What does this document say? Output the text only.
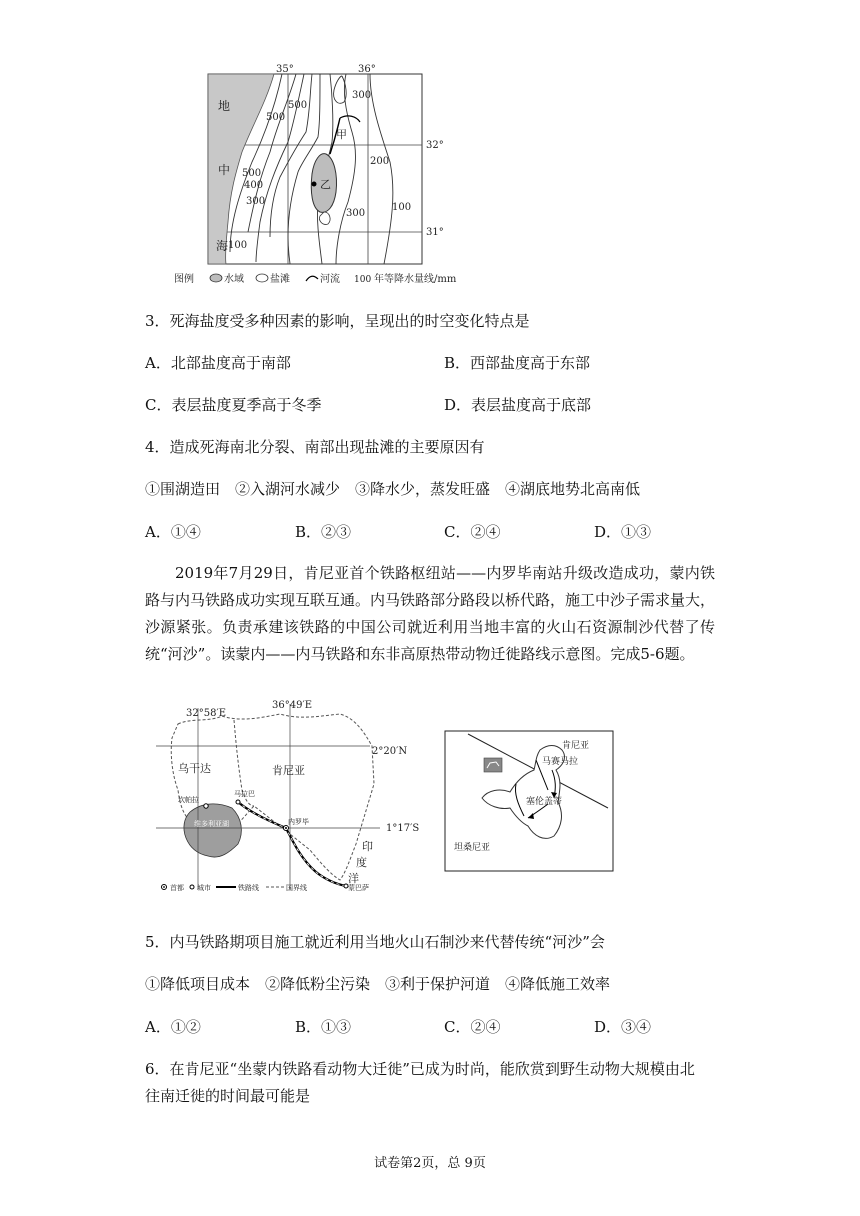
35°	36°
32°
31°
地
中
海
甲
乙
500
300
500
200
500
400
300
300
100
100
图例	水域	盐滩	河流 100 年等降水量线/mm
3．死海盐度受多种因素的影响，呈现出的时空变化特点是
A．北部盐度高于南部	B．西部盐度高于东部
C．表层盐度夏季高于冬季	D．表层盐度高于底部
4．造成死海南北分裂、南部出现盐滩的主要原因有
①围湖造田　②入湖河水减少　③降水少，蒸发旺盛　④湖底地势北高南低
A．①④	B．②③	C．②④	D．①③
2019年7月29日，肯尼亚首个铁路枢纽站——内罗毕南站升级改造成功，蒙内铁路与内马铁路成功实现互联互通。内马铁路部分路段以桥代路，施工中沙子需求量大，沙源紧张。负责承建该铁路的中国公司就近利用当地丰富的火山石资源制沙代替了传统“河沙”。读蒙内——内马铁路和东非高原热带动物迁徙路线示意图。完成5-6题。
32°58′E
36°49′E
2°20′N
1°17′S
乌干达	肯尼亚
坎帕拉
马拉巴
内罗毕
蒙巴萨
维多利亚湖
印
度
洋
首都 城市	铁路线	国界线
肯尼亚
马赛马拉
塞伦盖蒂
坦桑尼亚
5．内马铁路期项目施工就近利用当地火山石制沙来代替传统“河沙”会
①降低项目成本　②降低粉尘污染　③利于保护河道　④降低施工效率
A．①②	B．①③	C．②④	D．③④
6．在肯尼亚“坐蒙内铁路看动物大迁徙”已成为时尚，能欣赏到野生动物大规模由北
往南迁徙的时间最可能是
试卷第2页，总 9页
